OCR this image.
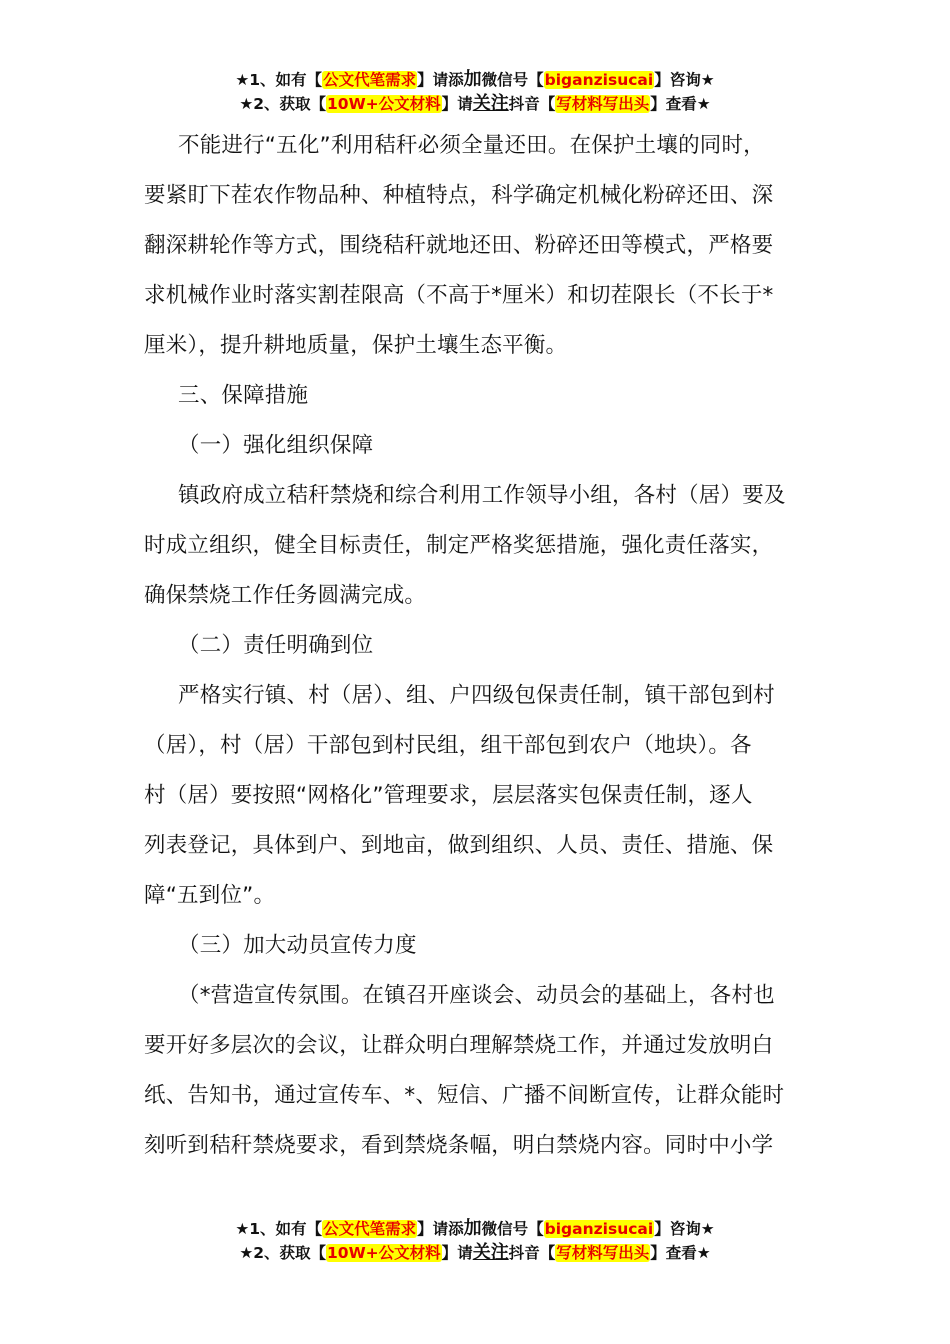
★1、如有【公文代笔需求】请添加微信号【biganzisucai】咨询★
★2、获取【10W+公文材料】请关注抖音【写材料写出头】查看★

不能进行“五化”利用秸秆必须全量还田。在保护土壤的同时，

要紧盯下茬农作物品种、种植特点，科学确定机械化粉碎还田、深

翻深耕轮作等方式，围绕秸秆就地还田、粉碎还田等模式，严格要

求机械作业时落实割茬限高（不高于*厘米）和切茬限长（不长于*

厘米），提升耕地质量，保护土壤生态平衡。

三、保障措施

（一）强化组织保障

镇政府成立秸秆禁烧和综合利用工作领导小组，各村（居）要及

时成立组织，健全目标责任，制定严格奖惩措施，强化责任落实，

确保禁烧工作任务圆满完成。

（二）责任明确到位

严格实行镇、村（居）、组、户四级包保责任制，镇干部包到村

（居），村（居）干部包到村民组，组干部包到农户（地块）。各

村（居）要按照“网格化”管理要求，层层落实包保责任制，逐人

列表登记，具体到户、到地亩，做到组织、人员、责任、措施、保

障“五到位”。

（三）加大动员宣传力度

（*营造宣传氛围。在镇召开座谈会、动员会的基础上，各村也

要开好多层次的会议，让群众明白理解禁烧工作，并通过发放明白

纸、告知书，通过宣传车、*、短信、广播不间断宣传，让群众能时

刻听到秸秆禁烧要求，看到禁烧条幅，明白禁烧内容。同时中小学

★1、如有【公文代笔需求】请添加微信号【biganzisucai】咨询★
★2、获取【10W+公文材料】请关注抖音【写材料写出头】查看★
